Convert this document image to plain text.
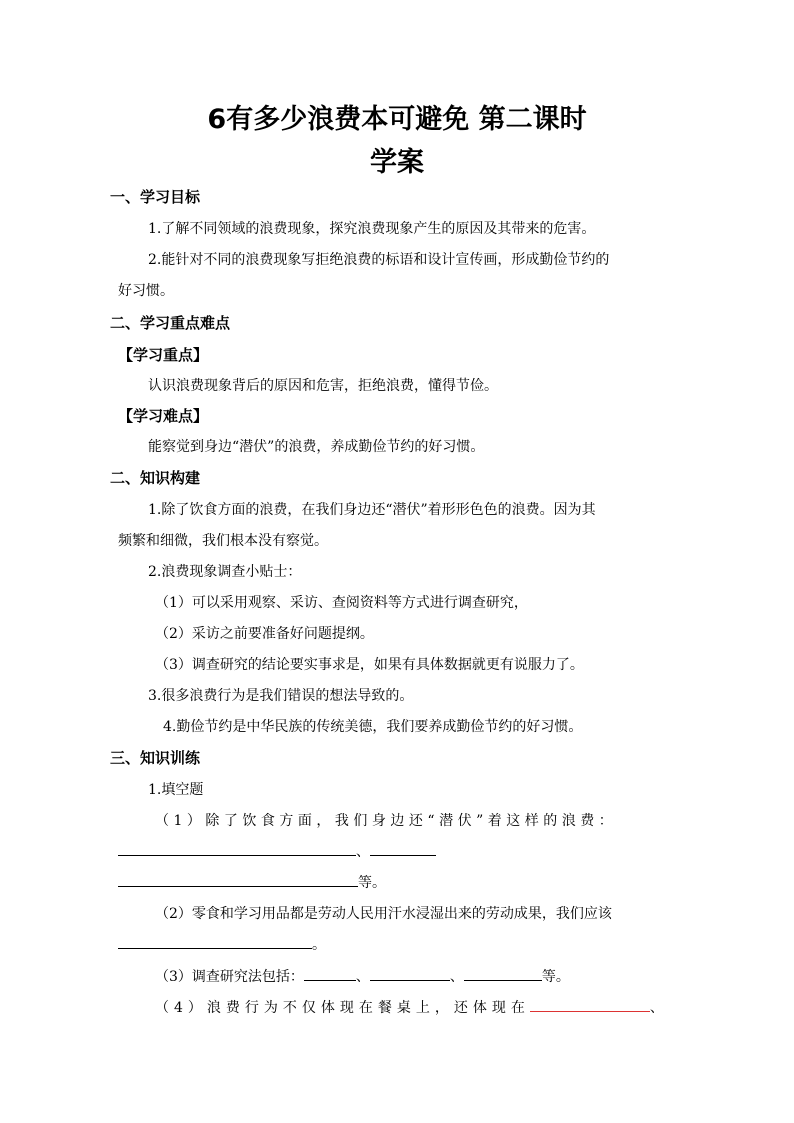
6有多少浪费本可避免 第二课时
学案
一、学习目标
1.了解不同领域的浪费现象，探究浪费现象产生的原因及其带来的危害。
2.能针对不同的浪费现象写拒绝浪费的标语和设计宣传画，形成勤俭节约的
好习惯。
二、学习重点难点
【学习重点】
认识浪费现象背后的原因和危害，拒绝浪费，懂得节俭。
【学习难点】
能察觉到身边“潜伏”的浪费，养成勤俭节约的好习惯。
二、知识构建
1.除了饮食方面的浪费，在我们身边还“潜伏”着形形色色的浪费。因为其
频繁和细微，我们根本没有察觉。
2.浪费现象调查小贴士：
（1）可以采用观察、采访、查阅资料等方式进行调查研究，
（2）采访之前要准备好问题提纲。
（3）调查研究的结论要实事求是，如果有具体数据就更有说服力了。
3.很多浪费行为是我们错误的想法导致的。
4.勤俭节约是中华民族的传统美德，我们要养成勤俭节约的好习惯。
三、知识训练
1.填空题
（1）除了饮食方面，我们身边还“潜伏”着这样的浪费：
、
等。
（2）零食和学习用品都是劳动人民用汗水浸湿出来的劳动成果，我们应该
。
（3）调查研究法包括：	、	、	等。
（4）浪费行为不仅体现在餐桌上，还体现在	、
